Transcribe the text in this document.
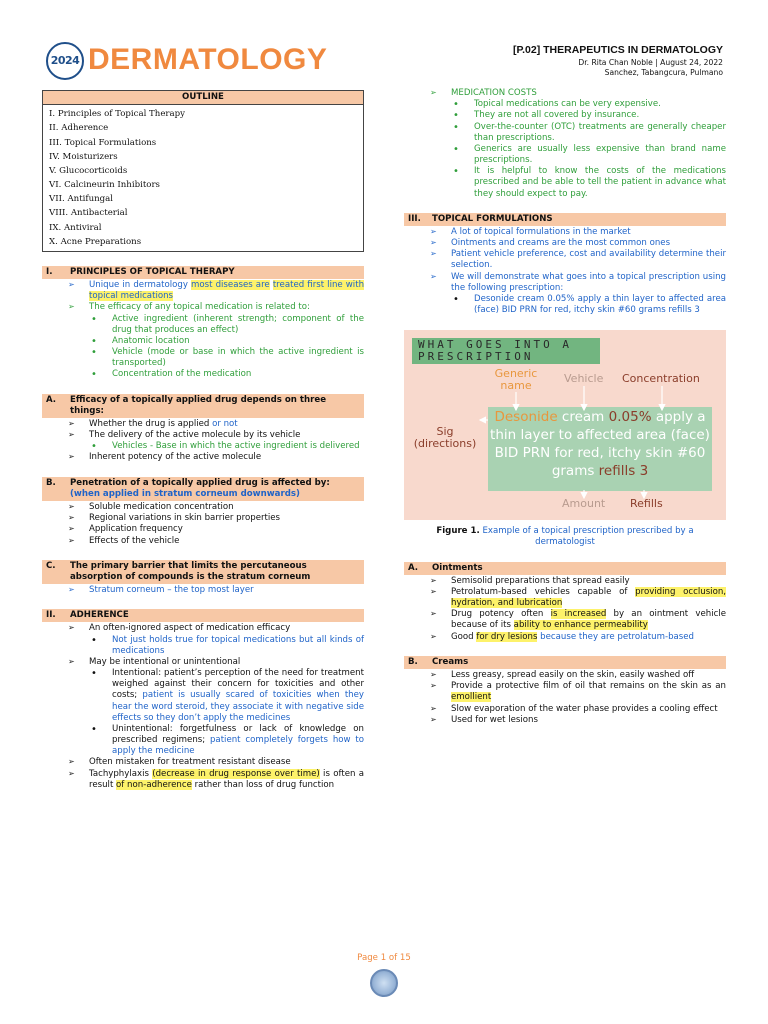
2024 DERMATOLOGY	[P.02] THERAPEUTICS IN DERMATOLOGY
Dr. Rita Chan Noble | August 24, 2022
Sanchez, Tabangcura, Pulmano
OUTLINE
I. Principles of Topical Therapy
II. Adherence
III. Topical Formulations
IV. Moisturizers
V. Glucocorticoids
VI. Calcineurin Inhibitors
VII. Antifungal
VIII. Antibacterial
IX. Antiviral
X. Acne Preparations
I.	PRINCIPLES OF TOPICAL THERAPY
➢ Unique in dermatology most diseases are treated first line with topical medications
➢ The efficacy of any topical medication is related to:
• Active ingredient (inherent strength; component of the drug that produces an effect)
• Anatomic location
• Vehicle (mode or base in which the active ingredient is transported)
• Concentration of the medication
A.	Efficacy of a topically applied drug depends on three things:
➢ Whether the drug is applied or not
➢ The delivery of the active molecule by its vehicle
• Vehicles - Base in which the active ingredient is delivered
➢ Inherent potency of the active molecule
B.	Penetration of a topically applied drug is affected by:
(when applied in stratum corneum downwards)
➢ Soluble medication concentration
➢ Regional variations in skin barrier properties
➢ Application frequency
➢ Effects of the vehicle
C.	The primary barrier that limits the percutaneous absorption of compounds is the stratum corneum
➢ Stratum corneum – the top most layer
II.	ADHERENCE
➢ An often-ignored aspect of medication efficacy
• Not just holds true for topical medications but all kinds of medications
➢ May be intentional or unintentional
• Intentional: patient’s perception of the need for treatment weighed against their concern for toxicities and other costs; patient is usually scared of toxicities when they hear the word steroid, they associate it with negative side effects so they don’t apply the medicines
• Unintentional: forgetfulness or lack of knowledge on prescribed regimens; patient completely forgets how to apply the medicine
➢ Often mistaken for treatment resistant disease
➢ Tachyphylaxis (decrease in drug response over time) is often a result of non-adherence rather than loss of drug function
➢ MEDICATION COSTS
• Topical medications can be very expensive.
• They are not all covered by insurance.
• Over-the-counter (OTC) treatments are generally cheaper than prescriptions.
• Generics are usually less expensive than brand name prescriptions.
• It is helpful to know the costs of the medications prescribed and be able to tell the patient in advance what they should expect to pay.
III.	TOPICAL FORMULATIONS
➢ A lot of topical formulations in the market
➢ Ointments and creams are the most common ones
➢ Patient vehicle preference, cost and availability determine their selection.
➢ We will demonstrate what goes into a topical prescription using the following prescription:
• Desonide cream 0.05% apply a thin layer to affected area (face) BID PRN for red, itchy skin #60 grams refills 3
WHAT GOES INTO A PRESCRIPTION
Generic name
Vehicle Concentration
Sig (directions)
Amount Refills
Desonide cream 0.05% apply a thin layer to affected area (face) BID PRN for red, itchy skin #60 grams refills 3
Figure 1. Example of a topical prescription prescribed by a dermatologist
A.	Ointments
➢ Semisolid preparations that spread easily
➢ Petrolatum-based vehicles capable of providing occlusion, hydration, and lubrication
➢ Drug potency often is increased by an ointment vehicle because of its ability to enhance permeability
➢ Good for dry lesions because they are petrolatum-based
B.	Creams
➢ Less greasy, spread easily on the skin, easily washed off
➢ Provide a protective film of oil that remains on the skin as an emollient
➢ Slow evaporation of the water phase provides a cooling effect
➢ Used for wet lesions
Page 1 of 15
